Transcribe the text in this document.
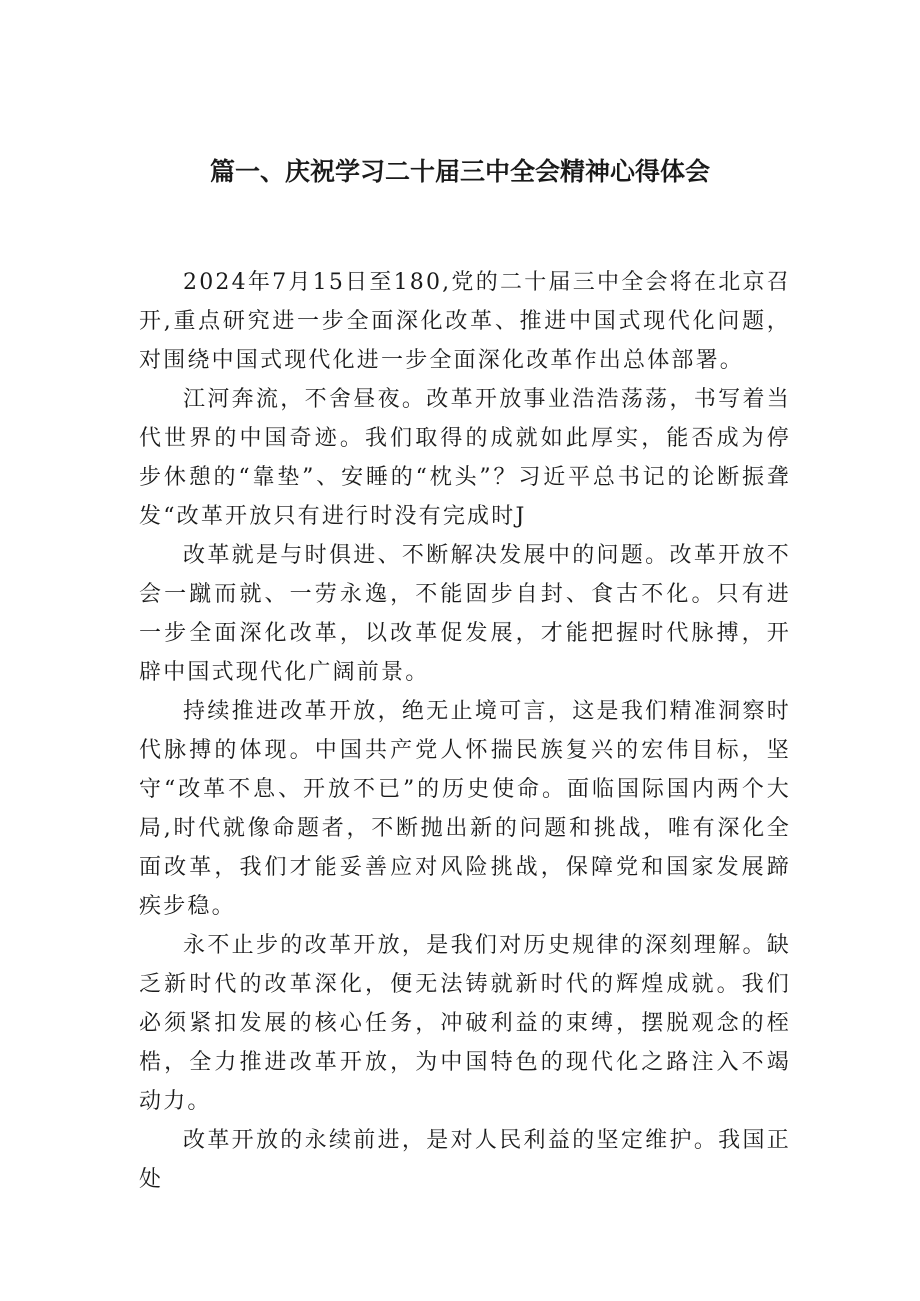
篇一、庆祝学习二十届三中全会精神心得体会

2024年7月15日至180,党的二十届三中全会将在北京召开,重点研究进一步全面深化改革、推进中国式现代化问题，对围绕中国式现代化进一步全面深化改革作出总体部署。

江河奔流，不舍昼夜。改革开放事业浩浩荡荡，书写着当代世界的中国奇迹。我们取得的成就如此厚实，能否成为停步休憩的“靠垫”、安睡的“枕头”？习近平总书记的论断振聋发“改革开放只有进行时没有完成时J

改革就是与时俱进、不断解决发展中的问题。改革开放不会一蹴而就、一劳永逸，不能固步自封、食古不化。只有进一步全面深化改革，以改革促发展，才能把握时代脉搏，开辟中国式现代化广阔前景。

持续推进改革开放，绝无止境可言，这是我们精准洞察时代脉搏的体现。中国共产党人怀揣民族复兴的宏伟目标，坚守“改革不息、开放不已”的历史使命。面临国际国内两个大局,时代就像命题者，不断抛出新的问题和挑战，唯有深化全面改革，我们才能妥善应对风险挑战，保障党和国家发展蹄疾步稳。

永不止步的改革开放，是我们对历史规律的深刻理解。缺乏新时代的改革深化，便无法铸就新时代的辉煌成就。我们必须紧扣发展的核心任务，冲破利益的束缚，摆脱观念的桎梏，全力推进改革开放，为中国特色的现代化之路注入不竭动力。

改革开放的永续前进，是对人民利益的坚定维护。我国正处
